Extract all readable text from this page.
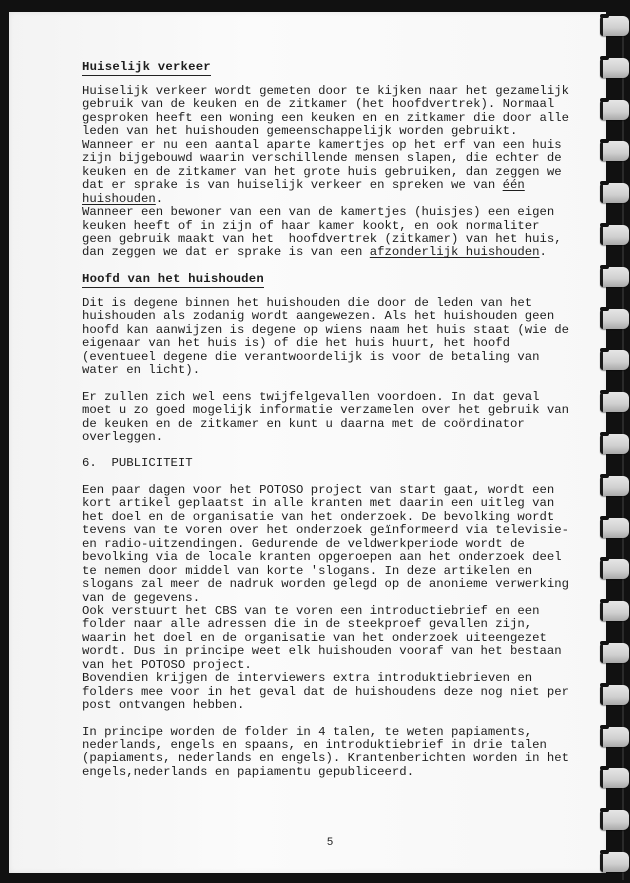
Huiselijk verkeer

Huiselijk verkeer wordt gemeten door te kijken naar het gezamelijk
gebruik van de keuken en de zitkamer (het hoofdvertrek). Normaal
gesproken heeft een woning een keuken en en zitkamer die door alle
leden van het huishouden gemeenschappelijk worden gebruikt.
Wanneer er nu een aantal aparte kamertjes op het erf van een huis
zijn bijgebouwd waarin verschillende mensen slapen, die echter de
keuken en de zitkamer van het grote huis gebruiken, dan zeggen we
dat er sprake is van huiselijk verkeer en spreken we van één
huishouden.
Wanneer een bewoner van een van de kamertjes (huisjes) een eigen
keuken heeft of in zijn of haar kamer kookt, en ook normaliter
geen gebruik maakt van het  hoofdvertrek (zitkamer) van het huis,
dan zeggen we dat er sprake is van een afzonderlijk huishouden.

Hoofd van het huishouden

Dit is degene binnen het huishouden die door de leden van het
huishouden als zodanig wordt aangewezen. Als het huishouden geen
hoofd kan aanwijzen is degene op wiens naam het huis staat (wie de
eigenaar van het huis is) of die het huis huurt, het hoofd
(eventueel degene die verantwoordelijk is voor de betaling van
water en licht).

Er zullen zich wel eens twijfelgevallen voordoen. In dat geval
moet u zo goed mogelijk informatie verzamelen over het gebruik van
de keuken en de zitkamer en kunt u daarna met de coördinator
overleggen.

6.  PUBLICITEIT

Een paar dagen voor het POTOSO project van start gaat, wordt een
kort artikel geplaatst in alle kranten met daarin een uitleg van
het doel en de organisatie van het onderzoek. De bevolking wordt
tevens van te voren over het onderzoek geïnformeerd via televisie-
en radio-uitzendingen. Gedurende de veldwerkperiode wordt de
bevolking via de locale kranten opgeroepen aan het onderzoek deel
te nemen door middel van korte 'slogans. In deze artikelen en
slogans zal meer de nadruk worden gelegd op de anonieme verwerking
van de gegevens.
Ook verstuurt het CBS van te voren een introductiebrief en een
folder naar alle adressen die in de steekproef gevallen zijn,
waarin het doel en de organisatie van het onderzoek uiteengezet
wordt. Dus in principe weet elk huishouden vooraf van het bestaan
van het POTOSO project.
Bovendien krijgen de interviewers extra introduktiebrieven en
folders mee voor in het geval dat de huishoudens deze nog niet per
post ontvangen hebben.

In principe worden de folder in 4 talen, te weten papiaments,
nederlands, engels en spaans, en introduktiebrief in drie talen
(papiaments, nederlands en engels). Krantenberichten worden in het
engels,nederlands en papiamentu gepubliceerd.

5
